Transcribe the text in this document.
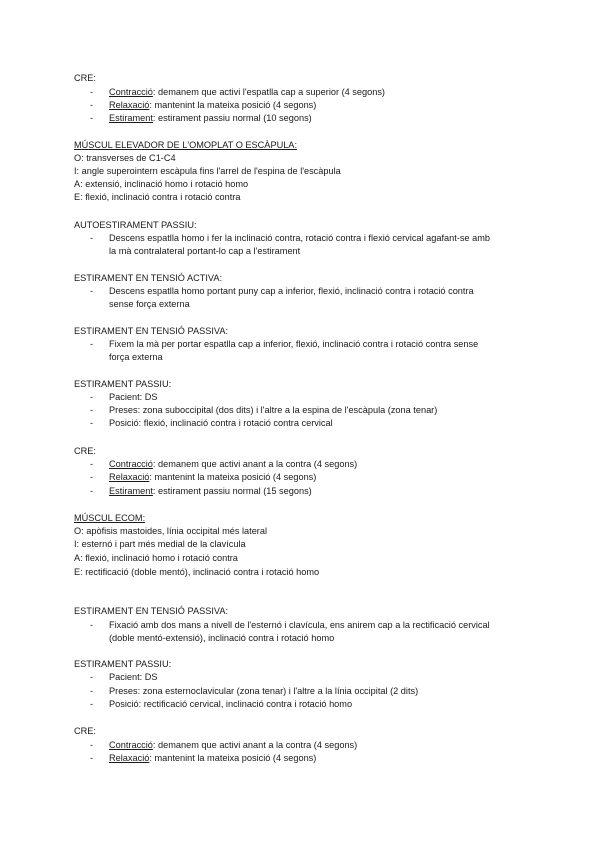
CRE:
- Contracció: demanem que activi l'espatlla cap a superior (4 segons)
- Relaxació: mantenint la mateixa posició (4 segons)
- Estirament: estirament passiu normal (10 segons)
MÚSCUL ELEVADOR DE L'OMOPLAT O ESCÀPULA:
O: transverses de C1-C4
I: angle superointern escàpula fins l'arrel de l'espina de l'escàpula
A: extensió, inclinació homo i rotació homo
E: flexió, inclinació contra i rotació contra
AUTOESTIRAMENT PASSIU:
- Descens espatlla homo i fer la inclinació contra, rotació contra i flexió cervical agafant-se amb
la mà contralateral portant-lo cap a l'estirament
ESTIRAMENT EN TENSIÓ ACTIVA:
- Descens espatlla homo portant puny cap a inferior, flexió, inclinació contra i rotació contra
sense força externa
ESTIRAMENT EN TENSIÓ PASSIVA:
- Fixem la mà per portar espatlla cap a inferior, flexió, inclinació contra i rotació contra sense
força externa
ESTIRAMENT PASSIU:
- Pacient: DS
- Preses: zona suboccipital (dos dits) i l'altre a la espina de l'escàpula (zona tenar)
- Posició: flexió, inclinació contra i rotació contra cervical
CRE:
- Contracció: demanem que activi anant a la contra (4 segons)
- Relaxació: mantenint la mateixa posició (4 segons)
- Estirament: estirament passiu normal (15 segons)
MÚSCUL ECOM:
O: apòfisis mastoides, línia occipital més lateral
I: esternó i part més medial de la clavícula
A: flexió, inclinació homo i rotació contra
E: rectificació (doble mentó), inclinació contra i rotació homo
ESTIRAMENT EN TENSIÓ PASSIVA:
- Fixació amb dos mans a nivell de l'esternó i clavícula, ens anirem cap a la rectificació cervical
(doble mentó-extensió), inclinació contra i rotació homo
ESTIRAMENT PASSIU:
- Pacient: DS
- Preses: zona esternoclavicular (zona tenar) i l'altre a la línia occipital (2 dits)
- Posició: rectificació cervical, inclinació contra i rotació homo
CRE:
- Contracció: demanem que activi anant a la contra (4 segons)
- Relaxació: mantenint la mateixa posició (4 segons)
